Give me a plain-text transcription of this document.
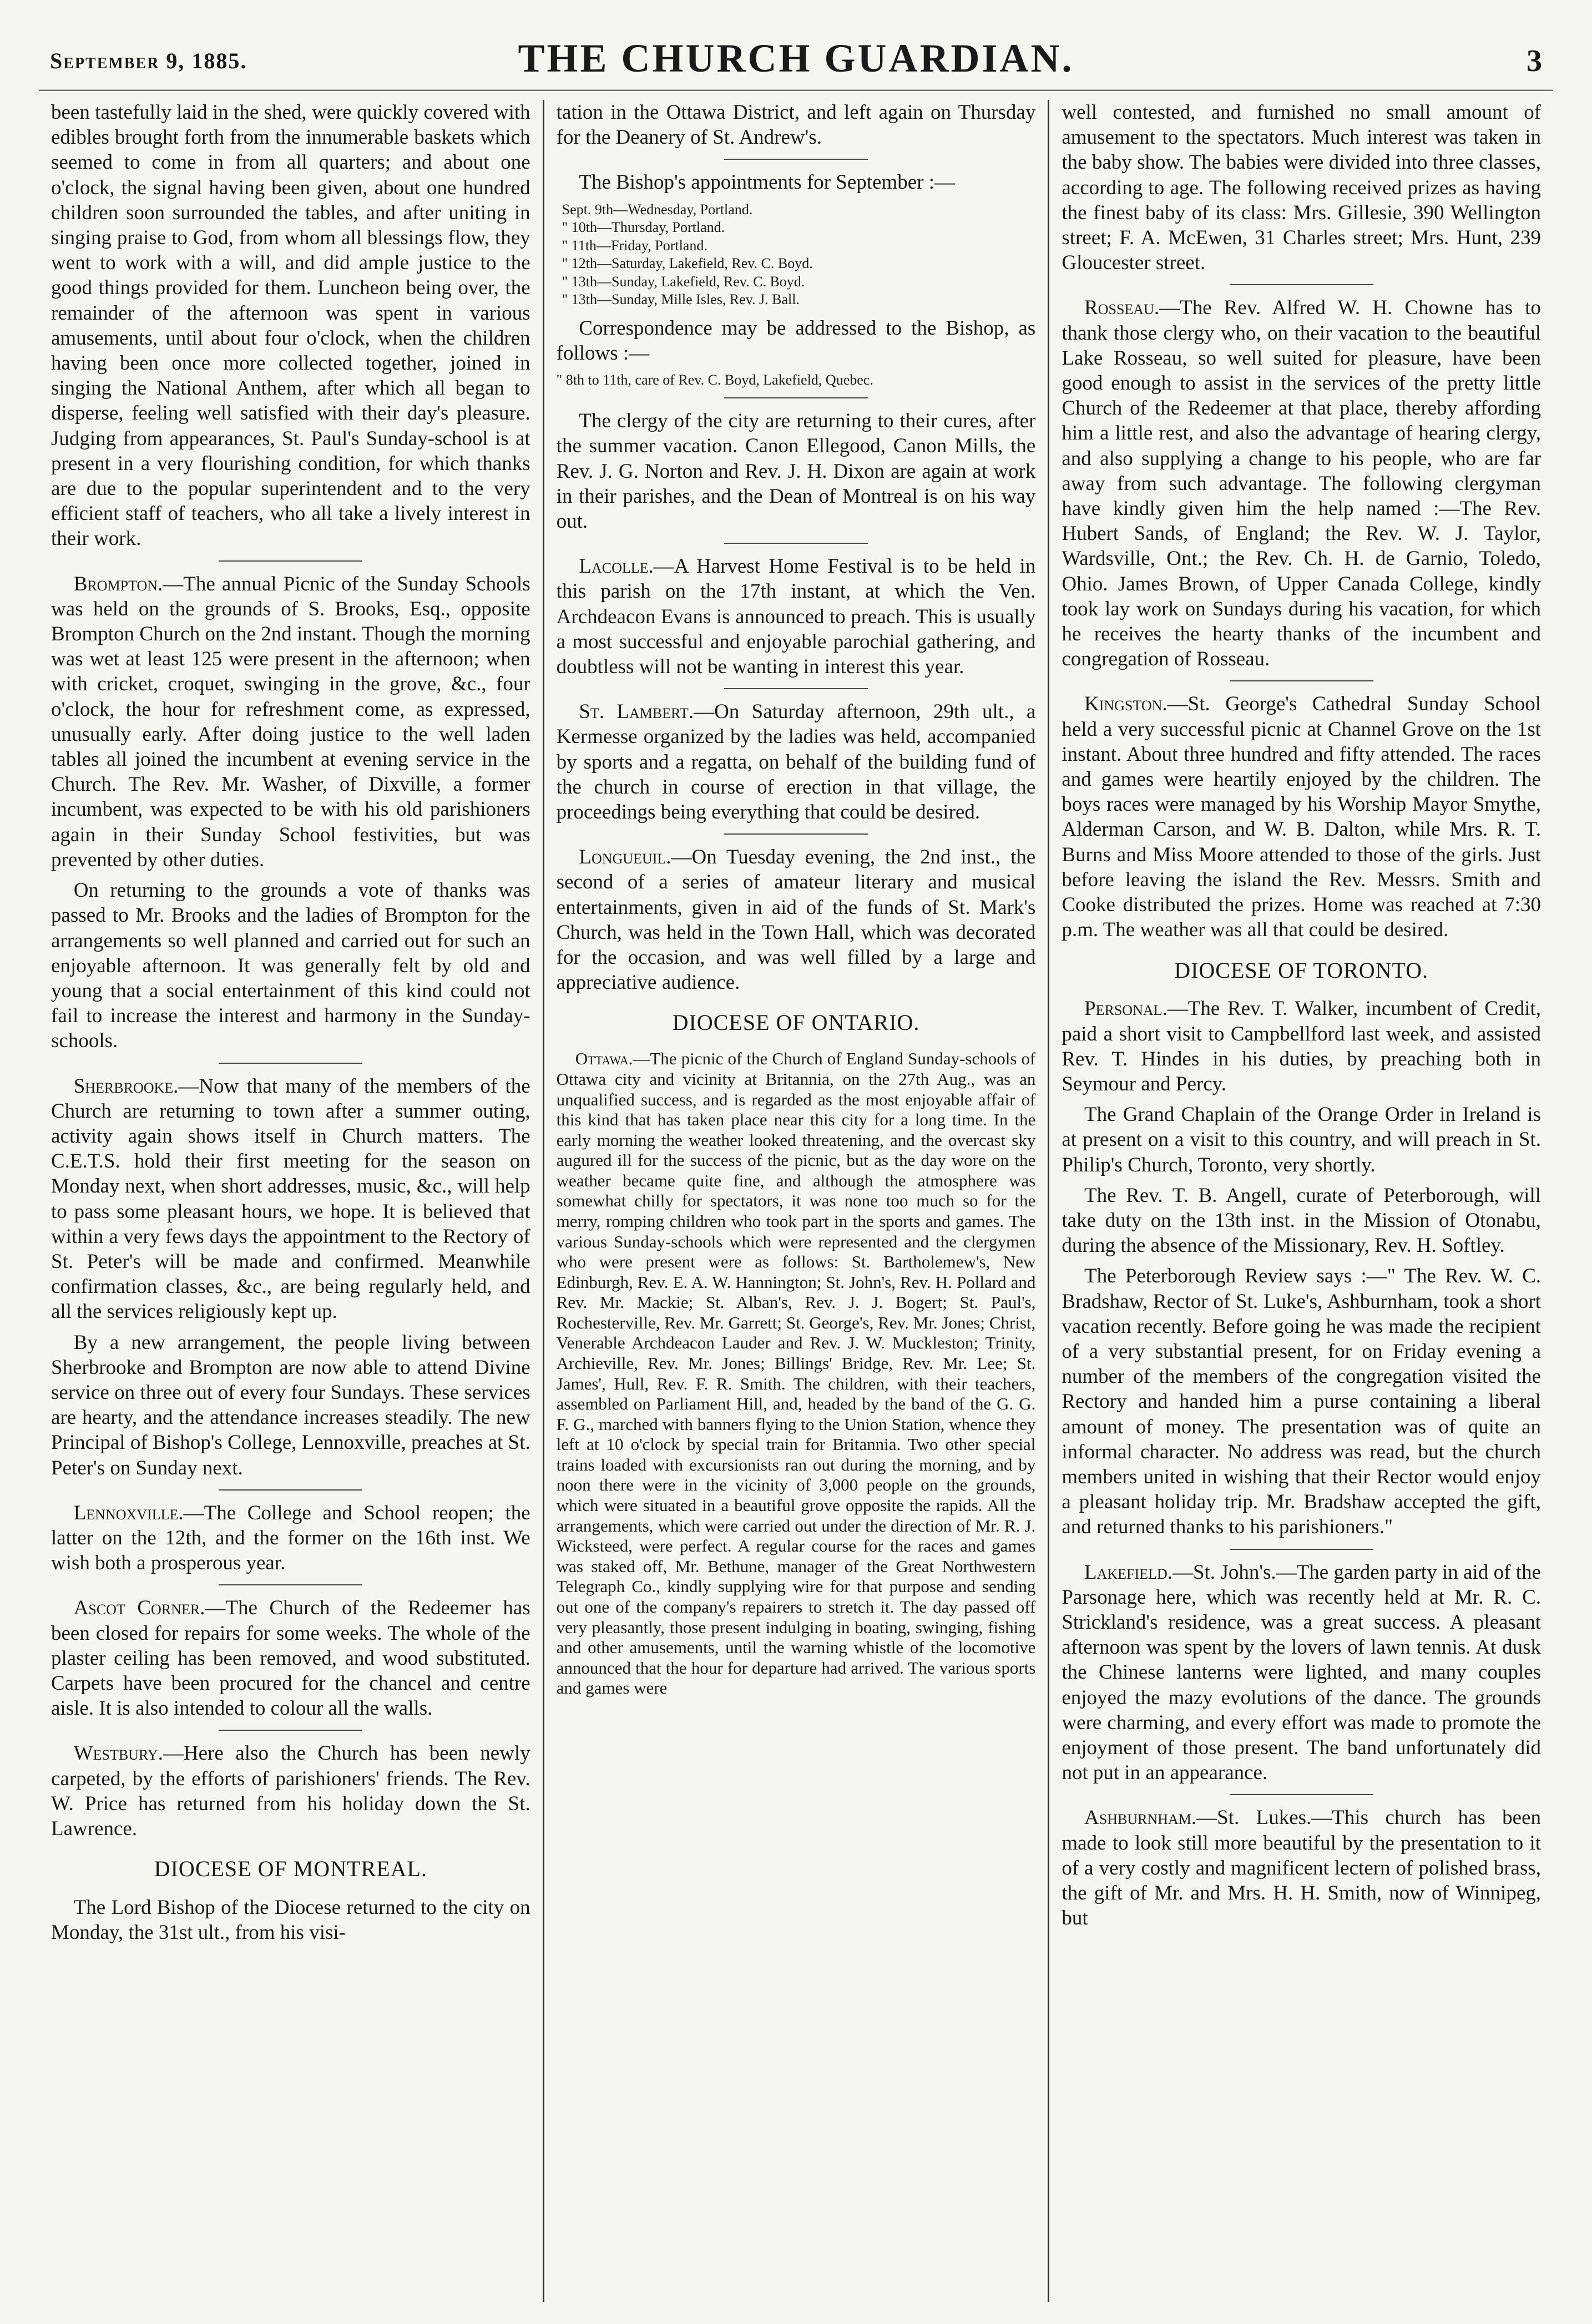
September 9, 1885.	THE CHURCH GUARDIAN.	3

been tastefully laid in the shed, were quickly covered with edibles brought forth from the innumerable baskets which seemed to come in from all quarters; and about one o'clock, the signal having been given, about one hundred children soon surrounded the tables, and after uniting in singing praise to God, from whom all blessings flow, they went to work with a will, and did ample justice to the good things provided for them. Luncheon being over, the remainder of the afternoon was spent in various amusements, until about four o'clock, when the children having been once more collected together, joined in singing the National Anthem, after which all began to disperse, feeling well satisfied with their day's pleasure. Judging from appearances, St. Paul's Sunday-school is at present in a very flourishing condition, for which thanks are due to the popular superintendent and to the very efficient staff of teachers, who all take a lively interest in their work.

Brompton.—The annual Picnic of the Sunday Schools was held on the grounds of S. Brooks, Esq., opposite Brompton Church on the 2nd instant. Though the morning was wet at least 125 were present in the afternoon; when with cricket, croquet, swinging in the grove, &c., four o'clock, the hour for refreshment come, as expressed, unusually early. After doing justice to the well laden tables all joined the incumbent at evening service in the Church. The Rev. Mr. Washer, of Dixville, a former incumbent, was expected to be with his old parishioners again in their Sunday School festivities, but was prevented by other duties.

On returning to the grounds a vote of thanks was passed to Mr. Brooks and the ladies of Brompton for the arrangements so well planned and carried out for such an enjoyable afternoon. It was generally felt by old and young that a social entertainment of this kind could not fail to increase the interest and harmony in the Sunday-schools.

Sherbrooke.—Now that many of the members of the Church are returning to town after a summer outing, activity again shows itself in Church matters. The C.E.T.S. hold their first meeting for the season on Monday next, when short addresses, music, &c., will help to pass some pleasant hours, we hope. It is believed that within a very fews days the appointment to the Rectory of St. Peter's will be made and confirmed. Meanwhile confirmation classes, &c., are being regularly held, and all the services religiously kept up.

By a new arrangement, the people living between Sherbrooke and Brompton are now able to attend Divine service on three out of every four Sundays. These services are hearty, and the attendance increases steadily. The new Principal of Bishop's College, Lennoxville, preaches at St. Peter's on Sunday next.

Lennoxville.—The College and School reopen; the latter on the 12th, and the former on the 16th inst. We wish both a prosperous year.

Ascot Corner.—The Church of the Redeemer has been closed for repairs for some weeks. The whole of the plaster ceiling has been removed, and wood substituted. Carpets have been procured for the chancel and centre aisle. It is also intended to colour all the walls.

Westbury.—Here also the Church has been newly carpeted, by the efforts of parishioners' friends. The Rev. W. Price has returned from his holiday down the St. Lawrence.

DIOCESE OF MONTREAL.

The Lord Bishop of the Diocese returned to the city on Monday, the 31st ult., from his visi-

tation in the Ottawa District, and left again on Thursday for the Deanery of St. Andrew's.

The Bishop's appointments for September :—

Sept. 9th—Wednesday, Portland.
" 10th—Thursday, Portland.
" 11th—Friday, Portland.
" 12th—Saturday, Lakefield, Rev. C. Boyd.
" 13th—Sunday, Lakefield, Rev. C. Boyd.
" 13th—Sunday, Mille Isles, Rev. J. Ball.

Correspondence may be addressed to the Bishop, as follows :—

" 8th to 11th, care of Rev. C. Boyd, Lakefield, Quebec.

The clergy of the city are returning to their cures, after the summer vacation. Canon Ellegood, Canon Mills, the Rev. J. G. Norton and Rev. J. H. Dixon are again at work in their parishes, and the Dean of Montreal is on his way out.

Lacolle.—A Harvest Home Festival is to be held in this parish on the 17th instant, at which the Ven. Archdeacon Evans is announced to preach. This is usually a most successful and enjoyable parochial gathering, and doubtless will not be wanting in interest this year.

St. Lambert.—On Saturday afternoon, 29th ult., a Kermesse organized by the ladies was held, accompanied by sports and a regatta, on behalf of the building fund of the church in course of erection in that village, the proceedings being everything that could be desired.

Longueuil.—On Tuesday evening, the 2nd inst., the second of a series of amateur literary and musical entertainments, given in aid of the funds of St. Mark's Church, was held in the Town Hall, which was decorated for the occasion, and was well filled by a large and appreciative audience.

DIOCESE OF ONTARIO.

Ottawa.—The picnic of the Church of England Sunday-schools of Ottawa city and vicinity at Britannia, on the 27th Aug., was an unqualified success, and is regarded as the most enjoyable affair of this kind that has taken place near this city for a long time. In the early morning the weather looked threatening, and the overcast sky augured ill for the success of the picnic, but as the day wore on the weather became quite fine, and although the atmosphere was somewhat chilly for spectators, it was none too much so for the merry, romping children who took part in the sports and games. The various Sunday-schools which were represented and the clergymen who were present were as follows: St. Bartholemew's, New Edinburgh, Rev. E. A. W. Hannington; St. John's, Rev. H. Pollard and Rev. Mr. Mackie; St. Alban's, Rev. J. J. Bogert; St. Paul's, Rochesterville, Rev. Mr. Garrett; St. George's, Rev. Mr. Jones; Christ, Venerable Archdeacon Lauder and Rev. J. W. Muckleston; Trinity, Archieville, Rev. Mr. Jones; Billings' Bridge, Rev. Mr. Lee; St. James', Hull, Rev. F. R. Smith. The children, with their teachers, assembled on Parliament Hill, and, headed by the band of the G. G. F. G., marched with banners flying to the Union Station, whence they left at 10 o'clock by special train for Britannia. Two other special trains loaded with excursionists ran out during the morning, and by noon there were in the vicinity of 3,000 people on the grounds, which were situated in a beautiful grove opposite the rapids. All the arrangements, which were carried out under the direction of Mr. R. J. Wicksteed, were perfect. A regular course for the races and games was staked off, Mr. Bethune, manager of the Great Northwestern Telegraph Co., kindly supplying wire for that purpose and sending out one of the company's repairers to stretch it. The day passed off very pleasantly, those present indulging in boating, swinging, fishing and other amusements, until the warning whistle of the locomotive announced that the hour for departure had arrived. The various sports and games were

well contested, and furnished no small amount of amusement to the spectators. Much interest was taken in the baby show. The babies were divided into three classes, according to age. The following received prizes as having the finest baby of its class: Mrs. Gillesie, 390 Wellington street; F. A. McEwen, 31 Charles street; Mrs. Hunt, 239 Gloucester street.

Rosseau.—The Rev. Alfred W. H. Chowne has to thank those clergy who, on their vacation to the beautiful Lake Rosseau, so well suited for pleasure, have been good enough to assist in the services of the pretty little Church of the Redeemer at that place, thereby affording him a little rest, and also the advantage of hearing clergy, and also supplying a change to his people, who are far away from such advantage. The following clergyman have kindly given him the help named :—The Rev. Hubert Sands, of England; the Rev. W. J. Taylor, Wardsville, Ont.; the Rev. Ch. H. de Garnio, Toledo, Ohio. James Brown, of Upper Canada College, kindly took lay work on Sundays during his vacation, for which he receives the hearty thanks of the incumbent and congregation of Rosseau.

Kingston.—St. George's Cathedral Sunday School held a very successful picnic at Channel Grove on the 1st instant. About three hundred and fifty attended. The races and games were heartily enjoyed by the children. The boys races were managed by his Worship Mayor Smythe, Alderman Carson, and W. B. Dalton, while Mrs. R. T. Burns and Miss Moore attended to those of the girls. Just before leaving the island the Rev. Messrs. Smith and Cooke distributed the prizes. Home was reached at 7:30 p.m. The weather was all that could be desired.

DIOCESE OF TORONTO.

Personal.—The Rev. T. Walker, incumbent of Credit, paid a short visit to Campbellford last week, and assisted Rev. T. Hindes in his duties, by preaching both in Seymour and Percy.

The Grand Chaplain of the Orange Order in Ireland is at present on a visit to this country, and will preach in St. Philip's Church, Toronto, very shortly.

The Rev. T. B. Angell, curate of Peterborough, will take duty on the 13th inst. in the Mission of Otonabu, during the absence of the Missionary, Rev. H. Softley.

The Peterborough Review says :—" The Rev. W. C. Bradshaw, Rector of St. Luke's, Ashburnham, took a short vacation recently. Before going he was made the recipient of a very substantial present, for on Friday evening a number of the members of the congregation visited the Rectory and handed him a purse containing a liberal amount of money. The presentation was of quite an informal character. No address was read, but the church members united in wishing that their Rector would enjoy a pleasant holiday trip. Mr. Bradshaw accepted the gift, and returned thanks to his parishioners."

Lakefield.—St. John's.—The garden party in aid of the Parsonage here, which was recently held at Mr. R. C. Strickland's residence, was a great success. A pleasant afternoon was spent by the lovers of lawn tennis. At dusk the Chinese lanterns were lighted, and many couples enjoyed the mazy evolutions of the dance. The grounds were charming, and every effort was made to promote the enjoyment of those present. The band unfortunately did not put in an appearance.

Ashburnham.—St. Lukes.—This church has been made to look still more beautiful by the presentation to it of a very costly and magnificent lectern of polished brass, the gift of Mr. and Mrs. H. H. Smith, now of Winnipeg, but
